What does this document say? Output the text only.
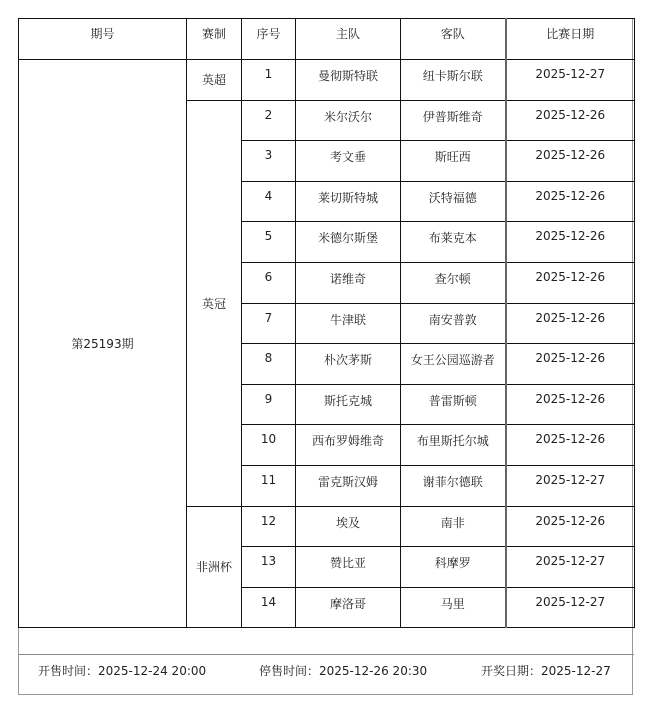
期号	赛制	序号	主队	客队	比赛日期
第25193期	英超	1	曼彻斯特联	纽卡斯尔联	2025-12-27
	英冠	2	米尔沃尔	伊普斯维奇	2025-12-26
		3	考文垂	斯旺西	2025-12-26
		4	莱切斯特城	沃特福德	2025-12-26
		5	米德尔斯堡	布莱克本	2025-12-26
		6	诺维奇	查尔顿	2025-12-26
		7	牛津联	南安普敦	2025-12-26
		8	朴次茅斯	女王公园巡游者	2025-12-26
		9	斯托克城	普雷斯顿	2025-12-26
		10	西布罗姆维奇	布里斯托尔城	2025-12-26
		11	雷克斯汉姆	谢菲尔德联	2025-12-27
	非洲杯	12	埃及	南非	2025-12-26
		13	赞比亚	科摩罗	2025-12-27
		14	摩洛哥	马里	2025-12-27
开售时间：2025-12-24 20:00	停售时间：2025-12-26 20:30	开奖日期：2025-12-27
